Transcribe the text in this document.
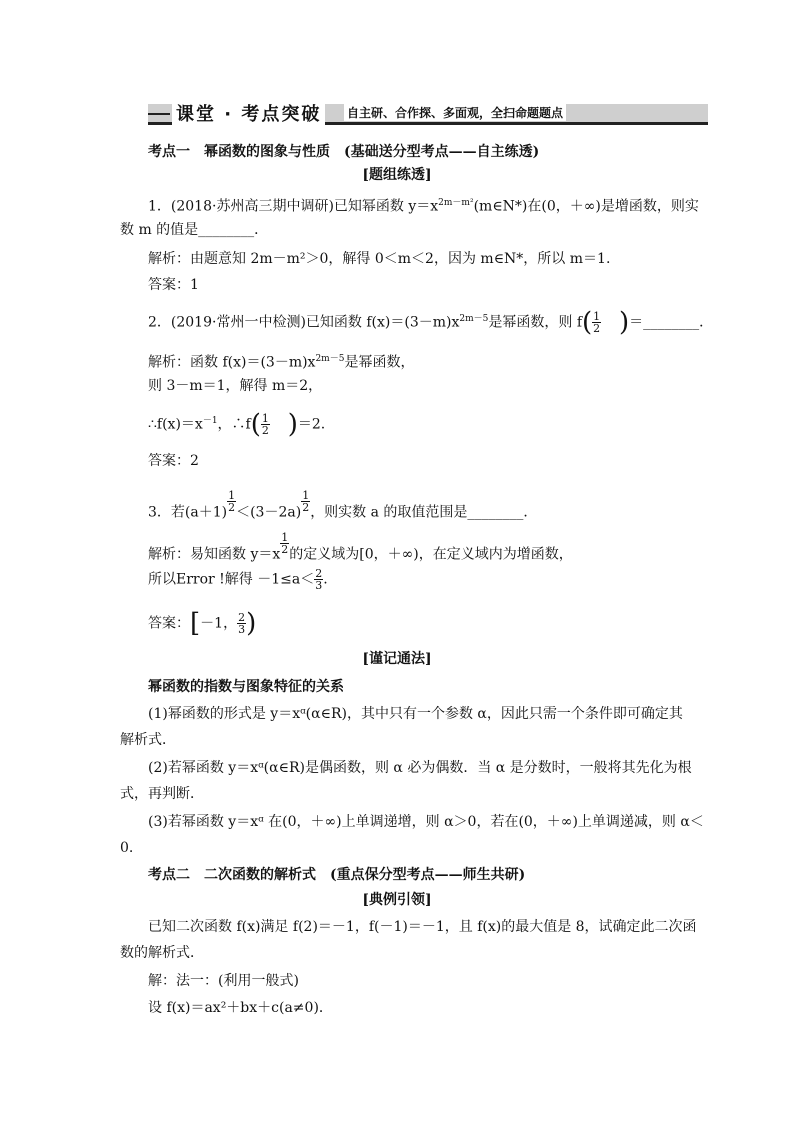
课堂 · 考点突破	自主研、合作探、多面观，全扫命题题点
考点一　幂函数的图象与性质　(基础送分型考点——自主练透)
[题组练透]
1．(2018·苏州高三期中调研)已知幂函数 $y=x^{2m-m^2}(m\in N*)$在(0，＋∞)是增函数，则实
数 m 的值是________．
解析：由题意知 2m－m²＞0，解得 0＜m＜2，因为 m∈N*，所以 m＝1.
答案：1
2．(2019·常州一中检测)已知函数 $f(x)=(3-m)x^{2m-5}$是幂函数，则 $f( \frac{1}{2}$ )＝________．
解析：函数 $f(x)=(3-m)x^{2m-5}$是幂函数，
则 3－m＝1，解得 m＝2，
$\therefore f(x)=x^{-1}$，∴f( $\frac{1}{2} )=2$.
答案：2
3．若$(a+1) \frac{1}{2} <(3-2a) \frac{1}{2}$ ，则实数 a 的取值范围是________．
解析：易知函数 $y=x \frac{1}{2}$ 的定义域为[0，＋∞)，在定义域内为增函数，
所以Error !解得 $-1\le a< \frac{2}{3}$ .
答案：[－1， $\frac{2}{3}$ )
[谨记通法]
幂函数的指数与图象特征的关系
(1)幂函数的形式是 y＝xᵅ(α∈R)，其中只有一个参数 α，因此只需一个条件即可确定其
解析式．
(2)若幂函数 y＝xᵅ(α∈R)是偶函数，则 α 必为偶数．当 α 是分数时，一般将其先化为根
式，再判断．
(3)若幂函数 y＝xᵅ 在(0，＋∞)上单调递增，则 α＞0，若在(0，＋∞)上单调递减，则 α＜
0.
考点二　二次函数的解析式　(重点保分型考点——师生共研)
[典例引领]
已知二次函数 f(x)满足 f(2)＝－1，f(－1)＝－1，且 f(x)的最大值是 8，试确定此二次函
数的解析式．
解：法一：(利用一般式)
设 f(x)＝ax²＋bx＋c(a≠0)．
